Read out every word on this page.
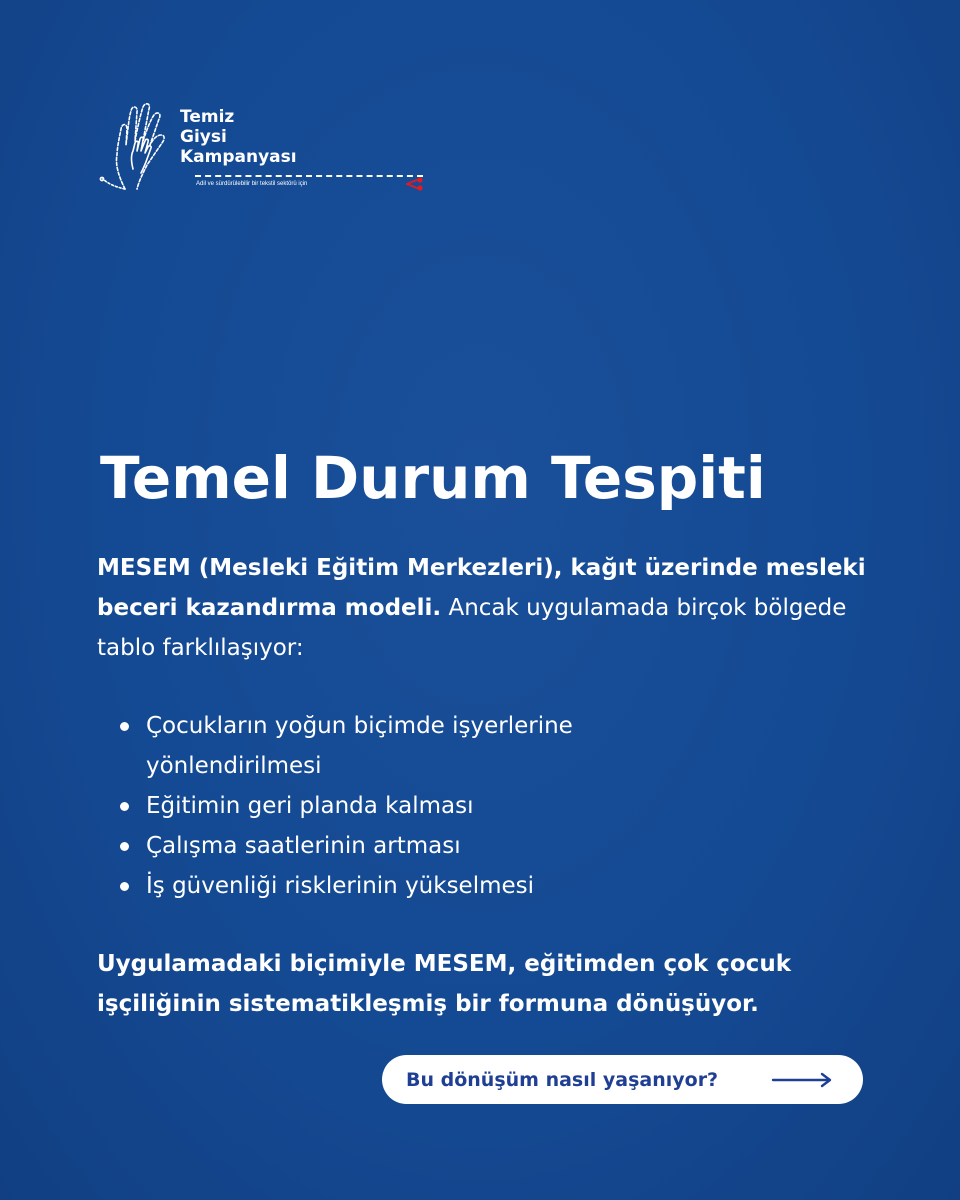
Temiz
Giysi
Kampanyası
Adil ve sürdürülebilir bir tekstil sektörü için
Temel Durum Tespiti
MESEM (Mesleki Eğitim Merkezleri), kağıt üzerinde mesleki beceri kazandırma modeli. Ancak uygulamada birçok bölgede tablo farklılaşıyor:
Çocukların yoğun biçimde işyerlerine yönlendirilmesi
Eğitimin geri planda kalması
Çalışma saatlerinin artması
İş güvenliği risklerinin yükselmesi
Uygulamadaki biçimiyle MESEM, eğitimden çok çocuk işçiliğinin sistematikleşmiş bir formuna dönüşüyor.
Bu dönüşüm nasıl yaşanıyor?
